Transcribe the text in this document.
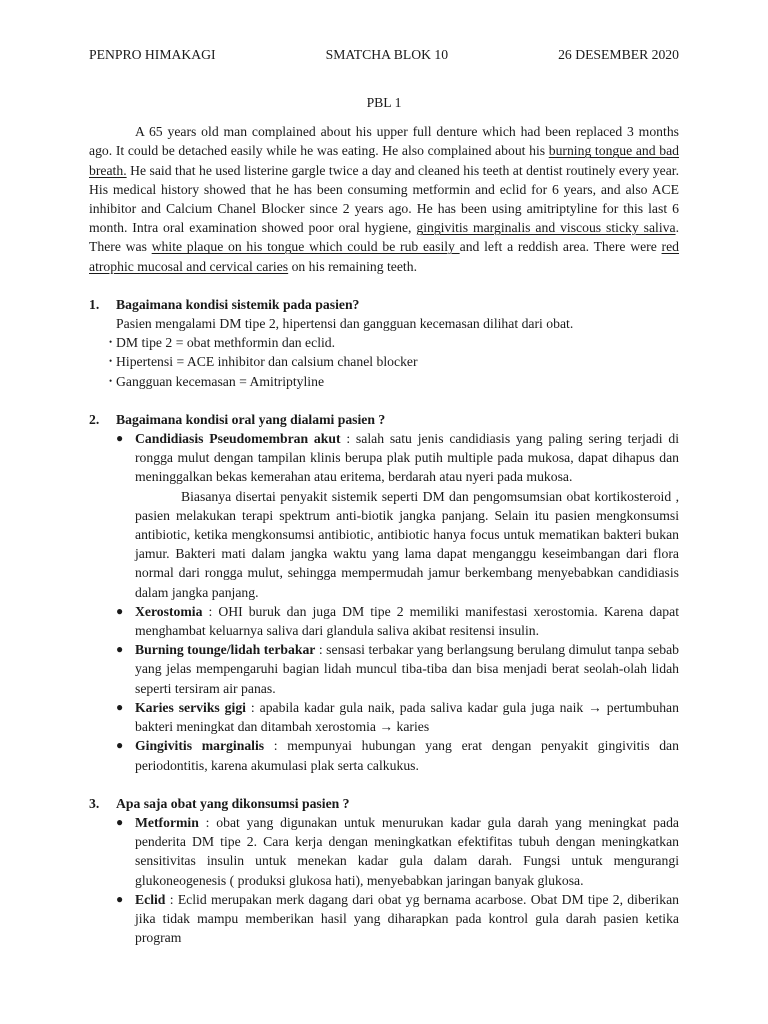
PENPRO HIMAKAGI	SMATCHA BLOK 10	26 DESEMBER 2020
PBL 1

A 65 years old man complained about his upper full denture which had been replaced 3 months ago. It could be detached easily while he was eating. He also complained about his burning tongue and bad breath. He said that he used listerine gargle twice a day and cleaned his teeth at dentist routinely every year. His medical history showed that he has been consuming metformin and eclid for 6 years, and also ACE inhibitor and Calcium Chanel Blocker since 2 years ago. He has been using amitriptyline for this last 6 month. Intra oral examination showed poor oral hygiene, gingivitis marginalis and viscous sticky saliva. There was white plaque on his tongue which could be rub easily and left a reddish area. There were red atrophic mucosal and cervical caries on his remaining teeth.

1.	Bagaimana kondisi sistemik pada pasien?

Pasien mengalami DM tipe 2, hipertensi dan gangguan kecemasan dilihat dari obat.

• DM tipe 2 = obat methformin dan eclid.
• Hipertensi = ACE inhibitor dan calsium chanel blocker
• Gangguan kecemasan = Amitriptyline
2.	Bagaimana kondisi oral yang dialami pasien ?
● Candidiasis Pseudomembran akut : salah satu jenis candidiasis yang paling sering terjadi di rongga mulut dengan tampilan klinis berupa plak putih multiple pada mukosa, dapat dihapus dan meninggalkan bekas kemerahan atau eritema, berdarah atau nyeri pada mukosa.

Biasanya disertai penyakit sistemik seperti DM dan pengomsumsian obat kortikosteroid , pasien melakukan terapi spektrum anti-biotik jangka panjang. Selain itu pasien mengkonsumsi antibiotic, ketika mengkonsumsi antibiotic, antibiotic hanya focus untuk mematikan bakteri bukan jamur. Bakteri mati dalam jangka waktu yang lama dapat menganggu keseimbangan dari flora normal dari rongga mulut, sehingga mempermudah jamur berkembang menyebabkan candidiasis dalam jangka panjang.

● Xerostomia : OHI buruk dan juga DM tipe 2 memiliki manifestasi xerostomia. Karena dapat menghambat keluarnya saliva dari glandula saliva akibat resitensi insulin.
● Burning tounge/lidah terbakar : sensasi terbakar yang berlangsung berulang dimulut tanpa sebab yang jelas mempengaruhi bagian lidah muncul tiba-tiba dan bisa menjadi berat seolah-olah lidah seperti tersiram air panas.
● Karies serviks gigi : apabila kadar gula naik, pada saliva kadar gula juga naik → pertumbuhan bakteri meningkat dan ditambah xerostomia → karies
● Gingivitis marginalis : mempunyai hubungan yang erat dengan penyakit gingivitis dan periodontitis, karena akumulasi plak serta calkukus.
3.	Apa saja obat yang dikonsumsi pasien ?
● Metformin : obat yang digunakan untuk menurukan kadar gula darah yang meningkat pada penderita DM tipe 2. Cara kerja dengan meningkatkan efektifitas tubuh dengan meningkatkan sensitivitas insulin untuk menekan kadar gula dalam darah. Fungsi untuk mengurangi glukoneogenesis ( produksi glukosa hati), menyebabkan jaringan banyak glukosa.
● Eclid : Eclid merupakan merk dagang dari obat yg bernama acarbose. Obat DM tipe 2, diberikan jika tidak mampu memberikan hasil yang diharapkan pada kontrol gula darah pasien ketika program
